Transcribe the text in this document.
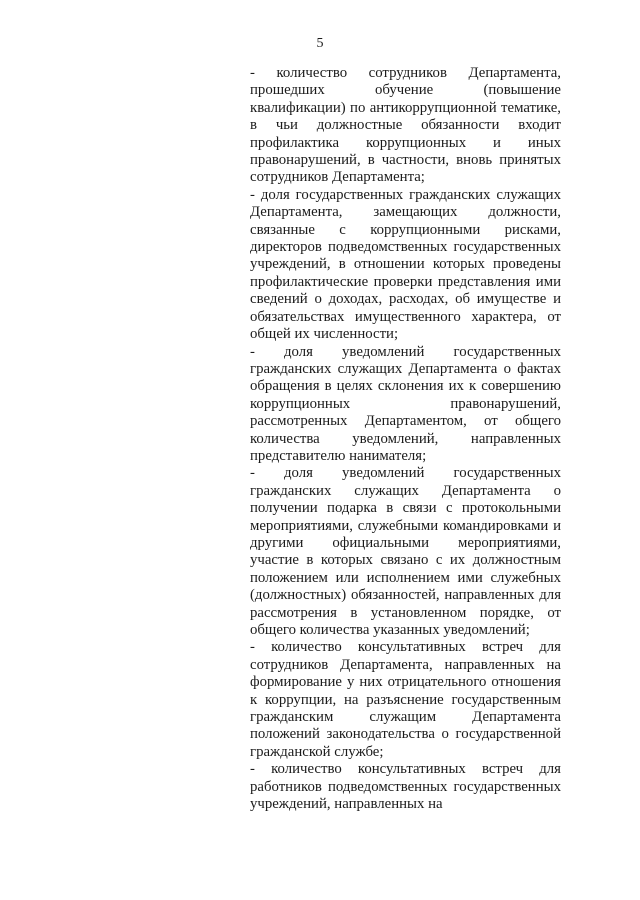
5

- количество сотрудников Департамента, прошедших обучение (повышение квалификации) по антикоррупционной тематике, в чьи должностные обязанности входит профилактика коррупционных и иных правонарушений, в частности, вновь принятых сотрудников Департамента;

- доля государственных гражданских служащих Департамента, замещающих должности, связанные с коррупционными рисками, директоров подведомственных государственных учреждений, в отношении которых проведены профилактические проверки представления ими сведений о доходах, расходах, об имуществе и обязательствах имущественного характера, от общей их численности;

- доля уведомлений государственных гражданских служащих Департамента о фактах обращения в целях склонения их к совершению коррупционных правонарушений, рассмотренных Департаментом, от общего количества уведомлений, направленных представителю нанимателя;

- доля уведомлений государственных гражданских служащих Департамента о получении подарка в связи с протокольными мероприятиями, служебными командировками и другими официальными мероприятиями, участие в которых связано с их должностным положением или исполнением ими служебных (должностных) обязанностей, направленных для рассмотрения в установленном порядке, от общего количества указанных уведомлений;

- количество консультативных встреч для сотрудников Департамента, направленных на формирование у них отрицательного отношения к коррупции, на разъяснение государственным гражданским служащим Департамента положений законодательства о государственной гражданской службе;

- количество консультативных встреч для работников подведомственных государственных учреждений, направленных на
